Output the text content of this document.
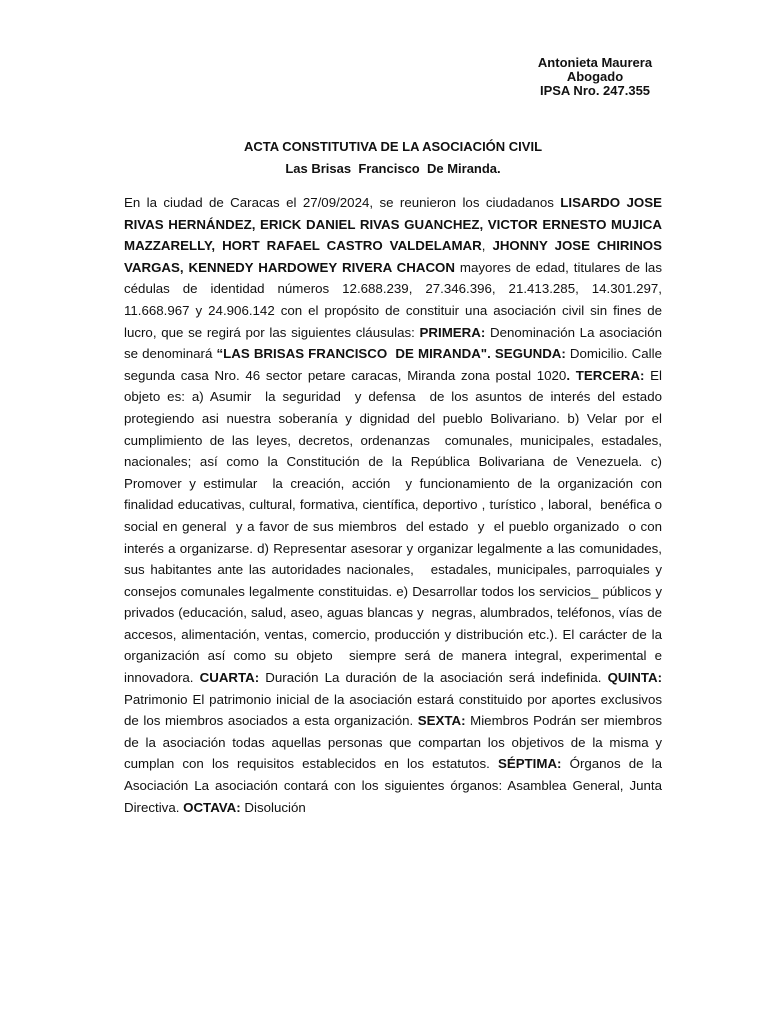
Antonieta Maurera
Abogado
IPSA Nro. 247.355
ACTA CONSTITUTIVA DE LA ASOCIACIÓN CIVIL
Las Brisas  Francisco  De Miranda.
En la ciudad de Caracas el 27/09/2024, se reunieron los ciudadanos LISARDO JOSE RIVAS HERNÁNDEZ, ERICK DANIEL RIVAS GUANCHEZ, VICTOR ERNESTO MUJICA MAZZARELLY, HORT RAFAEL CASTRO VALDELAMAR, JHONNY JOSE CHIRINOS VARGAS, KENNEDY HARDOWEY RIVERA CHACON mayores de edad, titulares de las cédulas de identidad números 12.688.239, 27.346.396, 21.413.285, 14.301.297, 11.668.967 y 24.906.142 con el propósito de constituir una asociación civil sin fines de lucro, que se regirá por las siguientes cláusulas: PRIMERA: Denominación La asociación se denominará “LAS BRISAS FRANCISCO  DE MIRANDA". SEGUNDA: Domicilio. Calle segunda casa Nro. 46 sector petare caracas, Miranda zona postal 1020. TERCERA: El objeto es: a) Asumir  la seguridad  y defensa  de los asuntos de interés del estado protegiendo asi nuestra soberanía y dignidad del pueblo Bolivariano. b) Velar por el cumplimiento de las leyes, decretos, ordenanzas  comunales, municipales, estadales,  nacionales; así como la Constitución de la República Bolivariana de Venezuela. c) Promover y estimular  la creación, acción  y funcionamiento de la organización con finalidad educativas, cultural, formativa, científica, deportivo , turístico , laboral,  benéfica o social en general  y a favor de sus miembros  del estado  y  el pueblo organizado  o con interés a organizarse. d) Representar asesorar y organizar legalmente a las comunidades, sus habitantes ante las autoridades nacionales,   estadales, municipales, parroquiales y consejos comunales legalmente constituidas. e) Desarrollar todos los servicios_ públicos y privados (educación, salud, aseo, aguas blancas y  negras, alumbrados, teléfonos, vías de accesos, alimentación, ventas, comercio, producción y distribución etc.). El carácter de la organización así como su objeto  siempre será de manera integral, experimental e innovadora. CUARTA: Duración La duración de la asociación será indefinida. QUINTA: Patrimonio El patrimonio inicial de la asociación estará constituido por aportes exclusivos de los miembros asociados a esta organización. SEXTA: Miembros Podrán ser miembros de la asociación todas aquellas personas que compartan los objetivos de la misma y cumplan con los requisitos establecidos en los estatutos. SÉPTIMA: Órganos de la Asociación La asociación contará con los siguientes órganos: Asamblea General, Junta Directiva. OCTAVA: Disolución
